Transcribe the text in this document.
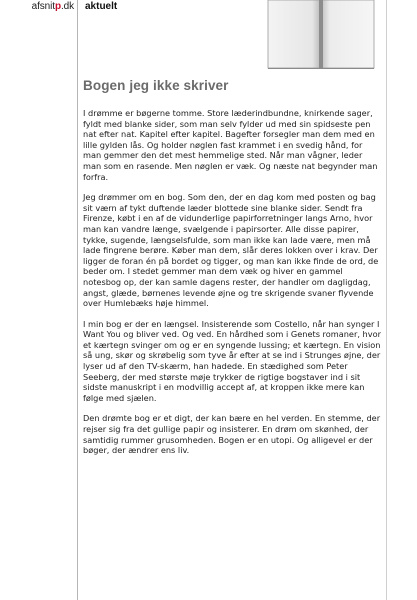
afsnitp.dk aktuelt
Bogen jeg ikke skriver

I drømme er bøgerne tomme. Store læderindbundne, knirkende sager, fyldt med blanke sider, som man selv fylder ud med sin spidseste pen nat efter nat. Kapitel efter kapitel. Bagefter forsegler man dem med en lille gylden lås. Og holder nøglen fast krammet i en svedig hånd, for man gemmer den det mest hemmelige sted. Når man vågner, leder man som en rasende. Men nøglen er væk. Og næste nat begynder man forfra.

Jeg drømmer om en bog. Som den, der en dag kom med posten og bag sit værn af tykt duftende læder blottede sine blanke sider. Sendt fra Firenze, købt i en af de vidunderlige papirforretninger langs Arno, hvor man kan vandre længe, svælgende i papirsorter. Alle disse papirer, tykke, sugende, længselsfulde, som man ikke kan lade være, men må lade fingrene berøre. Køber man dem, slår deres lokken over i krav. Der ligger de foran én på bordet og tigger, og man kan ikke finde de ord, de beder om. I stedet gemmer man dem væk og hiver en gammel notesbog op, der kan samle dagens rester, der handler om dagligdag, angst, glæde, børnenes levende øjne og tre skrigende svaner flyvende over Humlebæks høje himmel.

I min bog er der en længsel. Insisterende som Costello, når han synger I Want You og bliver ved. Og ved. En hårdhed som i Genets romaner, hvor et kærtegn svinger om og er en syngende lussing; et kærtegn. En vision så ung, skør og skrøbelig som tyve år efter at se ind i Strunges øjne, der lyser ud af den TV-skærm, han hadede. En stædighed som Peter Seeberg, der med største møje trykker de rigtige bogstaver ind i sit sidste manuskript i en modvillig accept af, at kroppen ikke mere kan følge med sjælen.

Den drømte bog er et digt, der kan bære en hel verden. En stemme, der rejser sig fra det gullige papir og insisterer. En drøm om skønhed, der samtidig rummer grusomheden. Bogen er en utopi. Og alligevel er der bøger, der ændrer ens liv.
